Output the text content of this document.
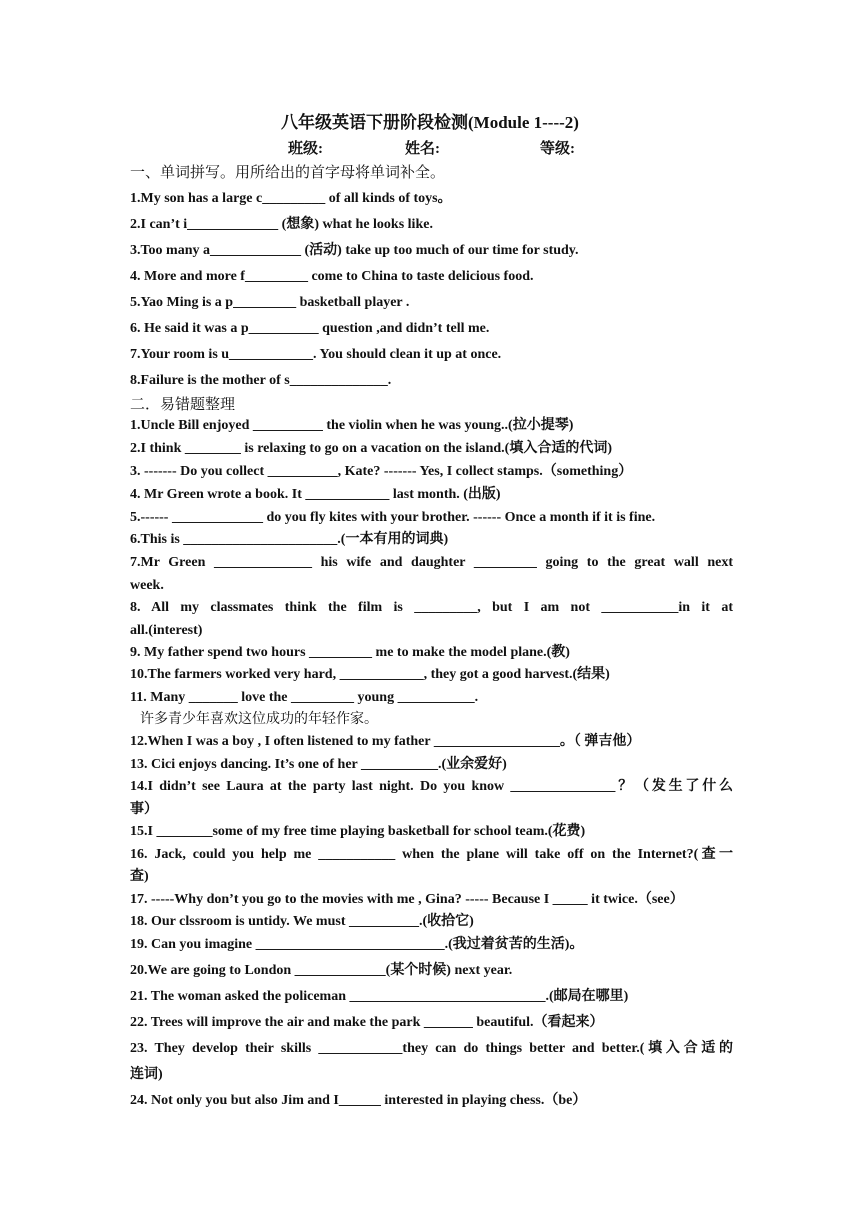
八年级英语下册阶段检测(Module 1----2)
班级:	姓名:	等级:
一、单词拼写。用所给出的首字母将单词补全。
1.My son has a large c_________ of all kinds of toys。
2.I can’t i_____________ (想象) what he looks like.
3.Too many a_____________ (活动) take up too much of our time for study.
4. More and more f_________ come to China to taste delicious food.
5.Yao Ming is a p_________ basketball player .
6. He said it was a p__________ question ,and didn’t tell me.
7.Your room is u____________. You should clean it up at once.
8.Failure is the mother of s______________.
二．易错题整理
1.Uncle Bill enjoyed __________ the violin when he was young..(拉小提琴)
2.I think ________ is relaxing to go on a vacation on the island.(填入合适的代词)
3. ------- Do you collect __________, Kate? ------- Yes, I collect stamps.（something）
4. Mr Green wrote a book. It ____________ last month. (出版)
5.------ _____________ do you fly kites with your brother. ------ Once a month if it is fine.
6.This is ______________________.(一本有用的词典)
7.Mr Green ______________ his wife and daughter _________ going to the great wall next
week.
8. All my classmates think the film is _________, but I am not ___________in it at
all.(interest)
9. My father spend two hours _________ me to make the model plane.(教)
10.The farmers worked very hard, ____________, they got a good harvest.(结果)
11. Many _______ love the _________ young ___________.
许多青少年喜欢这位成功的年轻作家。
12.When I was a boy , I often listened to my father __________________。（ 弹吉他）
13. Cici enjoys dancing. It’s one of her ___________.(业余爱好)
14.I didn’t see Laura at the party last night. Do you know _______________？（发生了什么
事）
15.I ________some of my free time playing basketball for school team.(花费)
16. Jack, could you help me ___________ when the plane will take off on the Internet?(查一
查)
17. -----Why don’t you go to the movies with me , Gina? ----- Because I _____ it twice.（see）
18. Our clssroom is untidy. We must __________.(收拾它)
19. Can you imagine ___________________________.(我过着贫苦的生活)。
20.We are going to London _____________(某个时候) next year.
21. The woman asked the policeman ____________________________.(邮局在哪里)
22. Trees will improve the air and make the park _______ beautiful.（看起来）
23. They develop their skills ____________they can do things better and better.(填入合适的
连词)
24. Not only you but also Jim and I______ interested in playing chess.（be）
